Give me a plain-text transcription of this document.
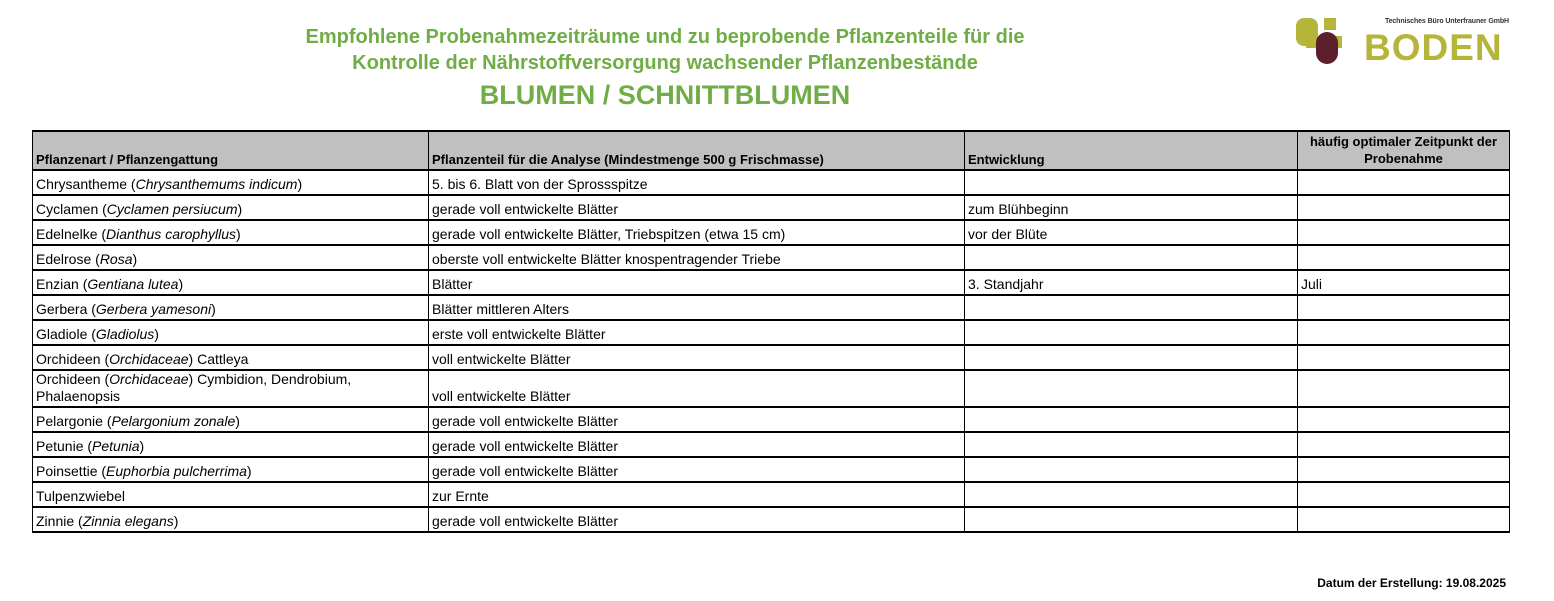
Empfohlene Probenahmezeiträume und zu beprobende Pflanzenteile für die
Kontrolle der Nährstoffversorgung wachsender Pflanzenbestände
BLUMEN / SCHNITTBLUMEN
Technisches Büro Unterfrauner GmbH
BODEN
Pflanzenart / Pflanzengattung	Pflanzenteil für die Analyse (Mindestmenge 500 g Frischmasse)	Entwicklung	häufig optimaler Zeitpunkt der Probenahme
Chrysantheme (Chrysanthemums indicum)	5. bis 6. Blatt von der Sprossspitze		
Cyclamen (Cyclamen persiucum)	gerade voll entwickelte Blätter	zum Blühbeginn	
Edelnelke (Dianthus carophyllus)	gerade voll entwickelte Blätter, Triebspitzen (etwa 15 cm)	vor der Blüte	
Edelrose (Rosa)	oberste voll entwickelte Blätter knospentragender Triebe		
Enzian (Gentiana lutea)	Blätter	3. Standjahr	Juli
Gerbera (Gerbera yamesoni)	Blätter mittleren Alters		
Gladiole (Gladiolus)	erste voll entwickelte Blätter		
Orchideen (Orchidaceae) Cattleya	voll entwickelte Blätter		
Orchideen (Orchidaceae) Cymbidion, Dendrobium, Phalaenopsis	voll entwickelte Blätter		
Pelargonie (Pelargonium zonale)	gerade voll entwickelte Blätter		
Petunie (Petunia)	gerade voll entwickelte Blätter		
Poinsettie (Euphorbia pulcherrima)	gerade voll entwickelte Blätter		
Tulpenzwiebel	zur Ernte		
Zinnie (Zinnia elegans)	gerade voll entwickelte Blätter		
Datum der Erstellung: 19.08.2025
